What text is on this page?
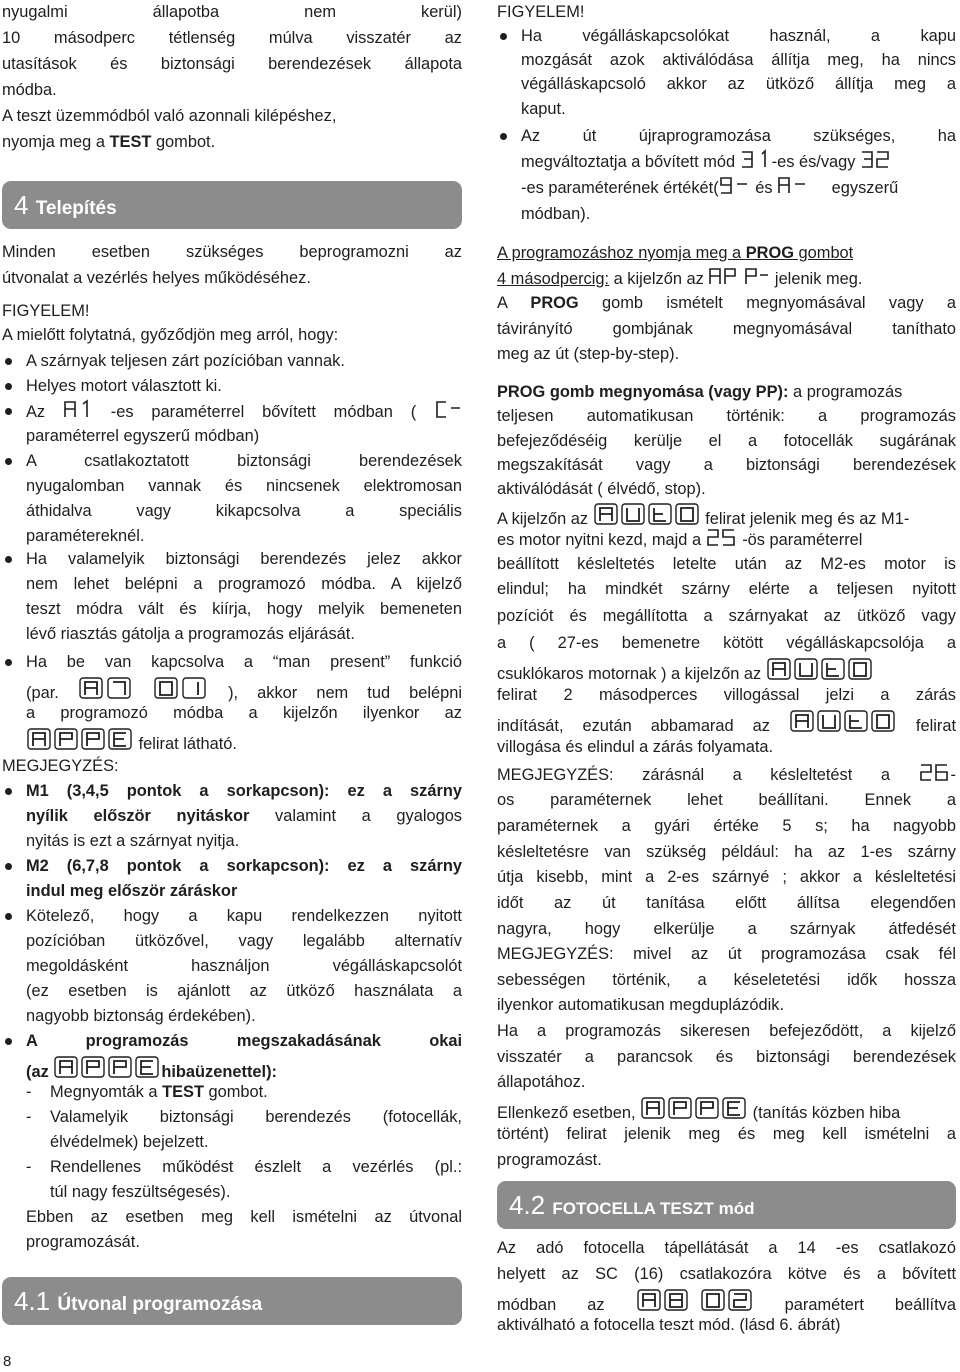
nyugalmi állapotba nem kerül)
10 másodperc tétlenség múlva visszatér az
utasítások és biztonsági berendezések állapota
módba.
A teszt üzemmódból való azonnali kilépéshez,
nyomja meg a TEST gombot.
4 Telepítés
Minden esetben szükséges beprogramozni az
útvonalat a vezérlés helyes működéséhez.
FIGYELEM!
A mielőtt folytatná, győződjön meg arról, hogy:
A szárnyak teljesen zárt pozícióban vannak.
Helyes motort választott ki.
Az	-es paraméterrel bővített módban (
paraméterrel egyszerű módban)
A csatlakoztatott biztonsági berendezések
nyugalomban vannak és nincsenek elektromosan
áthidalva vagy kikapcsolva a speciális
paramétereknél.
Ha valamelyik biztonsági berendezés jelez akkor
nem lehet belépni a programozó módba. A kijelző
teszt módra vált és kiírja, hogy melyik bemeneten
lévő riasztás gátolja a programozás eljárását.
Ha be van kapcsolva a “man present” funkció
(par.
	), akkor nem tud belépni
a programozó módba a kijelzőn ilyenkor az
felirat látható.
MEGJEGYZÉS:
M1 (3,4,5 pontok a sorkapcson): ez a szárny
nyílik először nyitáskor valamint a gyalogos
nyitás is ezt a szárnyat nyitja.
M2 (6,7,8 pontok a sorkapcson): ez a szárny
indul meg először záráskor
Kötelező, hogy a kapu rendelkezzen nyitott
pozícióban ütközővel, vagy legalább alternatív
megoldásként használjon végálláskapcsolót
(ez esetben is ajánlott az ütköző használata a
nagyobb biztonság érdekében).
A programozás megszakadásának okai
(az	hibaüzenettel):
-	Megnyomták a TEST gombot.
-	Valamelyik biztonsági berendezés (fotocellák,
élvédelmek) bejelzett.
-	Rendellenes működést észlelt a vezérlés (pl.:
túl nagy feszültségesés).
Ebben az esetben meg kell ismételni az útvonal
programozását.
4.1 Útvonal programozása
8
FIGYELEM!
Ha végálláskapcsolókat használ, a kapu
mozgását azok aktiválódása állítja meg, ha nincs
végálláskapcsoló akkor az ütköző állítja meg a
kaput.
Az út újraprogramozása szükséges, ha
megváltoztatja a bővített mód -es és/vagy
-es paraméterének értékét(
és	egyszerű
módban).
A programozáshoz nyomja meg a PROG gombot
4 másodpercig: a kijelzőn az	jelenik meg.
A PROG gomb ismételt megnyomásával vagy a
távirányító gombjának megnyomásával taníthato
meg az út (step-by-step).
PROG gomb megnyomása (vagy PP): a programozás
teljesen automatikusan történik: a programozás
befejeződéséig kerülje el a fotocellák sugárának
megszakítását vagy a biztonsági berendezések
aktiválódását ( élvédő, stop).
A kijelzőn az	felirat jelenik meg és az M1-
es motor nyitni kezd, majd a	-ös paraméterrel
beállított késleltetés letelte után az M2-es motor is
elindul; ha mindkét szárny elérte a teljesen nyitott
pozíciót és megállította a szárnyakat az ütköző vagy
a ( 27-es bemenetre kötött végálláskapcsolója a
csuklókaros motornak ) a kijelzőn az
felirat 2 másodperces villogással jelzi a zárás
indítását, ezután abbamarad az	felirat
villogása és elindul a zárás folyamata.
MEGJEGYZÉS: zárásnál a késleltetést a	-
os paraméternek lehet beállítani. Ennek a
paraméternek a gyári értéke 5 s; ha nagyobb
késleltetésre van szükség például: ha az 1-es szárny
útja kisebb, mint a 2-es szárnyé ; akkor a késleltetési
időt az út tanítása előtt állítsa elegendően
nagyra, hogy elkerülje a szárnyak átfedését
MEGJEGYZÉS: mivel az út programozása csak fél
sebességen történik, a késeletetési idők hossza
ilyenkor automatikusan megduplázódik.
Ha a programozás sikeresen befejeződött, a kijelző
visszatér a parancsok és biztonsági berendezések
állapotához.
Ellenkező esetben,	(tanítás közben hiba
történt) felirat jelenik meg és meg kell ismételni a
programozást.
4.2 FOTOCELLA TESZT mód
Az adó fotocella tápellátását a 14 -es csatlakozó
helyett az SC (16) csatlakozóra kötve és a bővített
módban az	paramétert beállítva
aktiválható a fotocella teszt mód. (lásd 6. ábrát)
